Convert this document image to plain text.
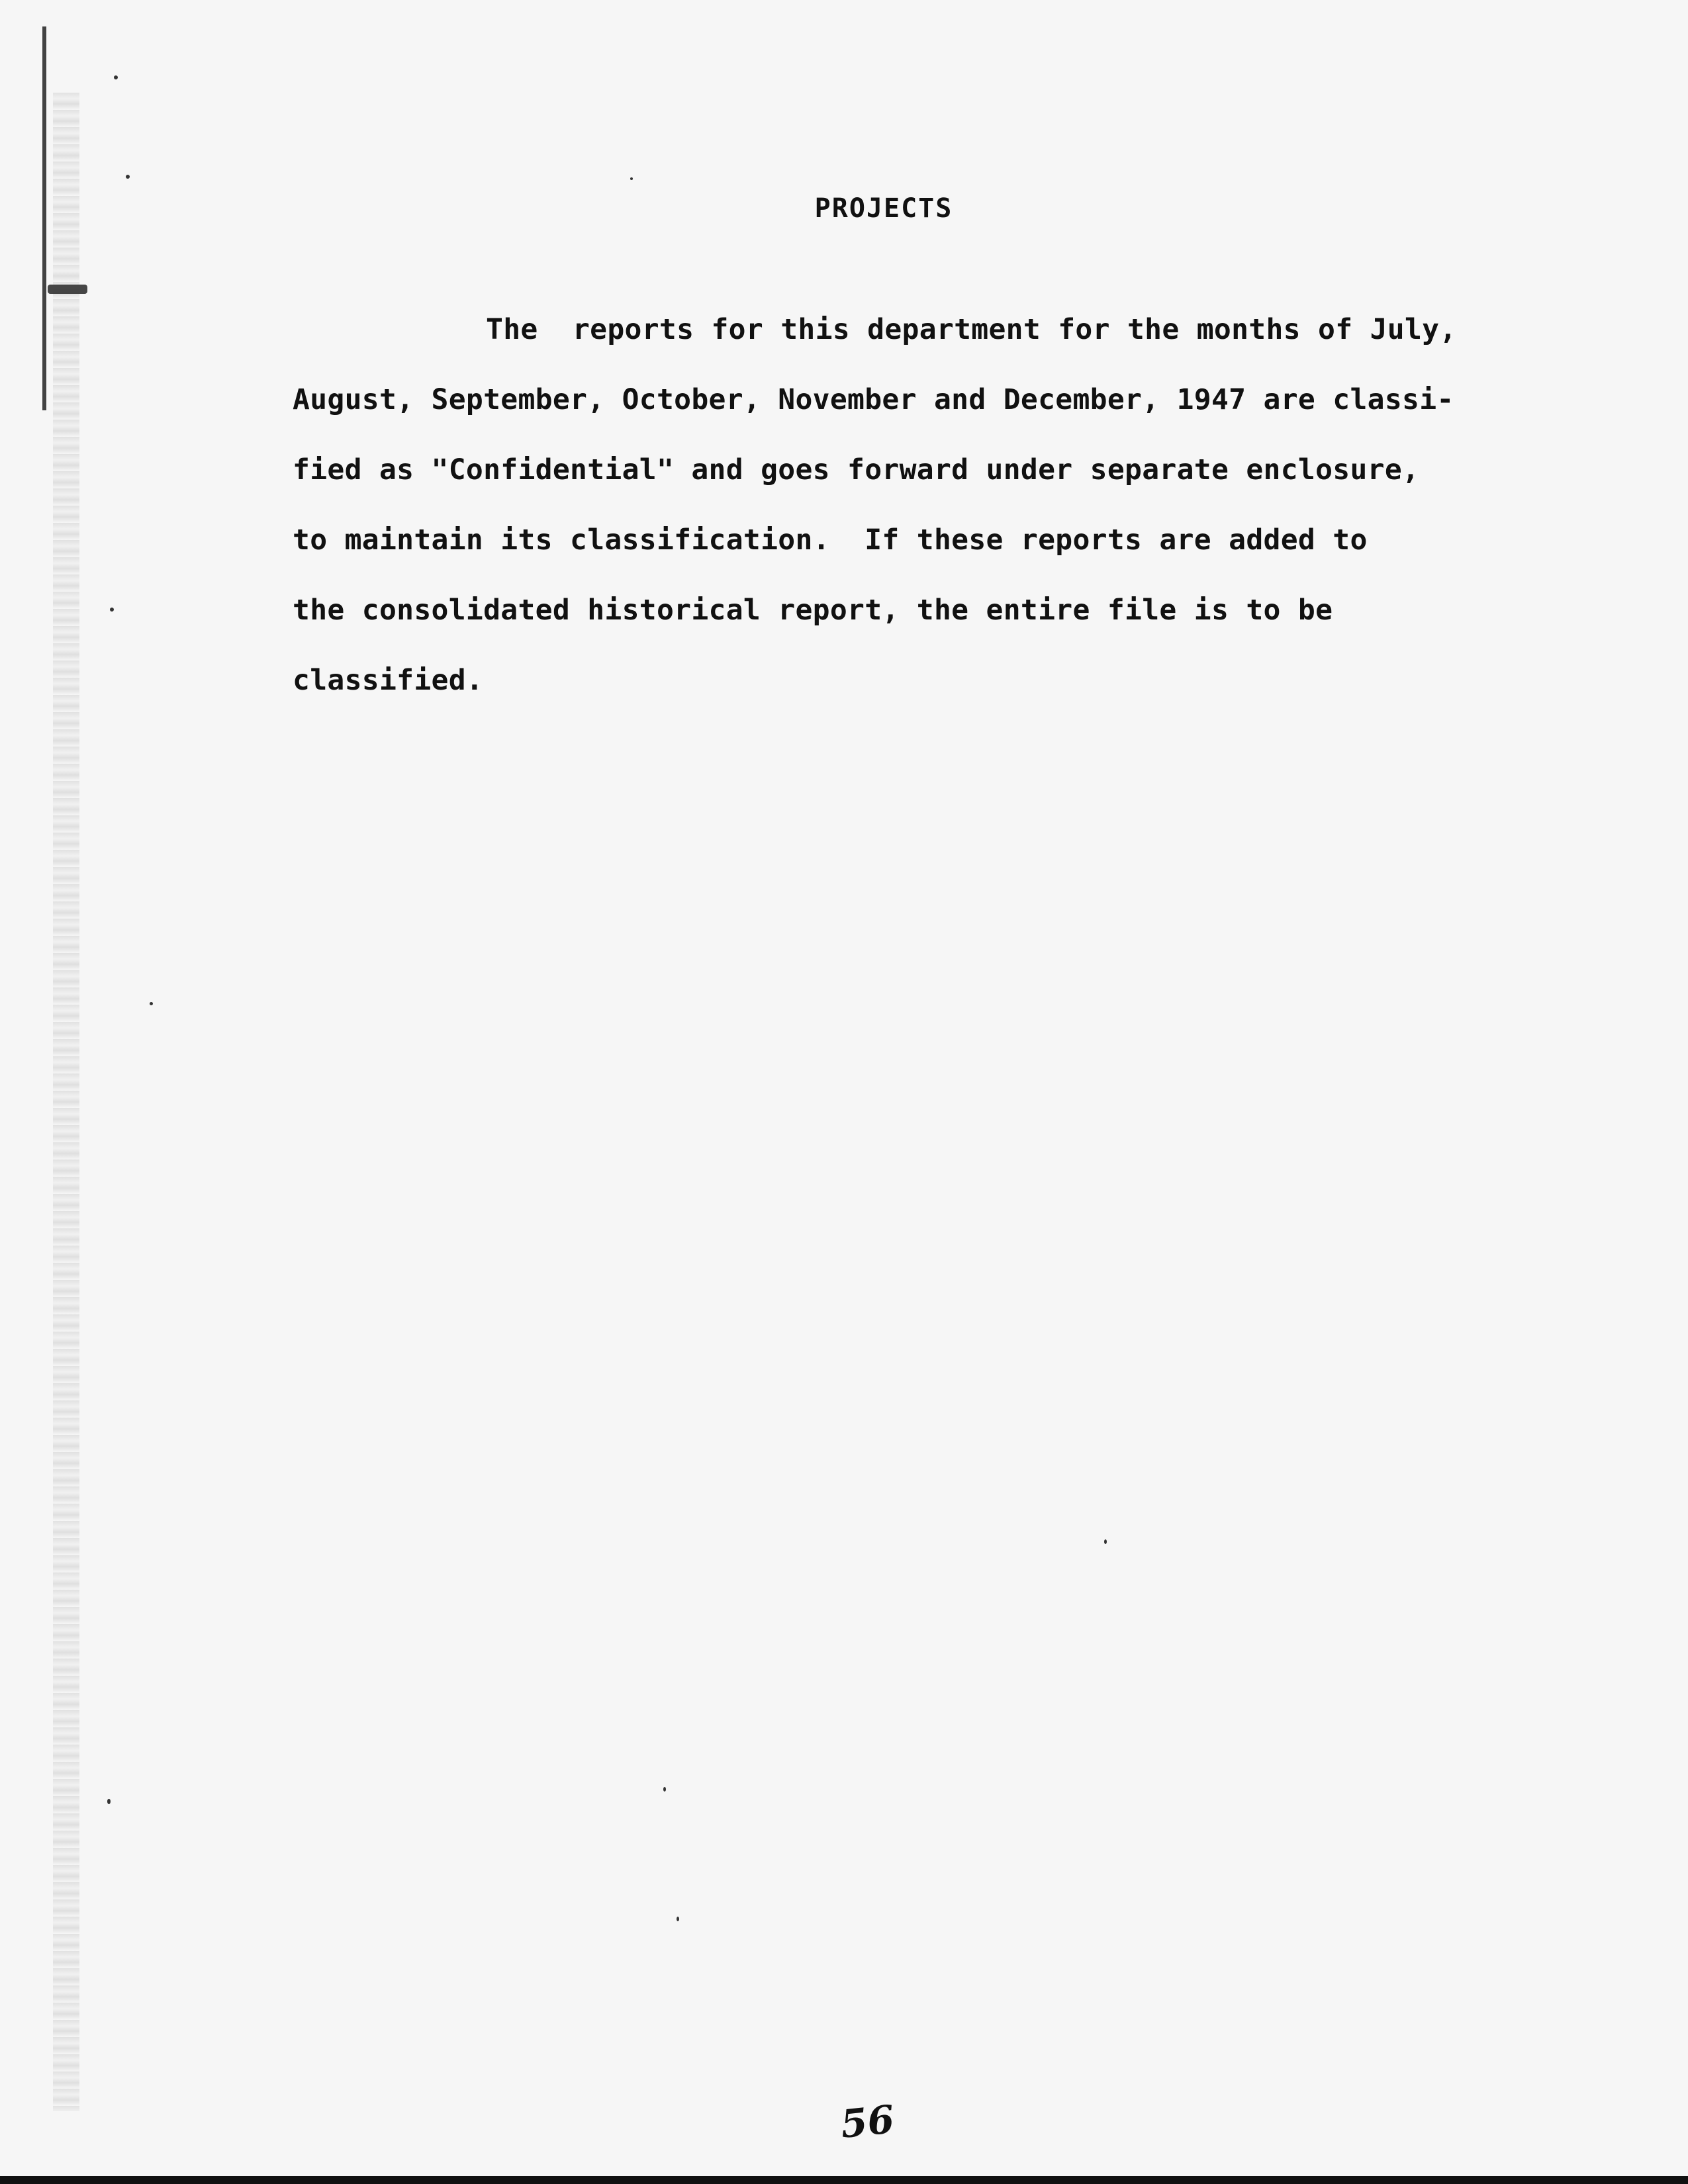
PROJECTS
The  reports for this department for the months of July,
August, September, October, November and December, 1947 are classi-
fied as "Confidential" and goes forward under separate enclosure,
to maintain its classification.  If these reports are added to
the consolidated historical report, the entire file is to be
classified.
56
